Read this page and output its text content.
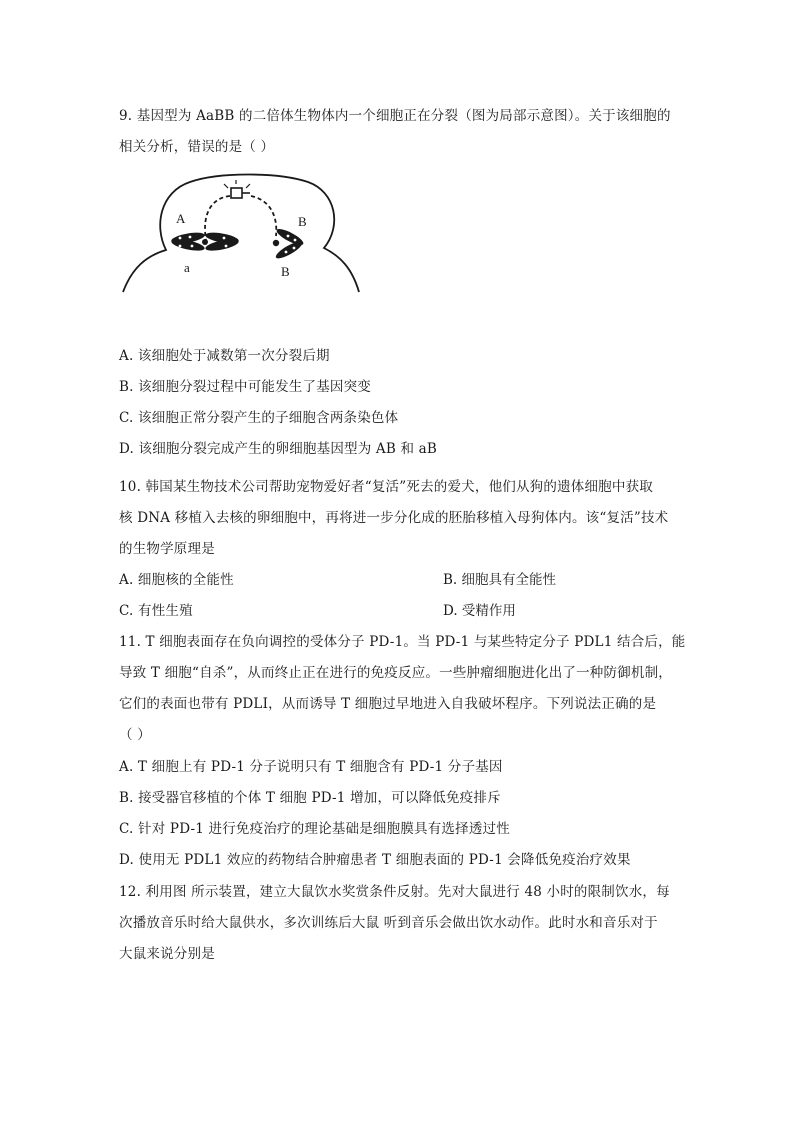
9. 基因型为 AaBB 的二倍体生物体内一个细胞正在分裂（图为局部示意图）。关于该细胞的
相关分析，错误的是（ ）
A
a
B
B
A. 该细胞处于减数第一次分裂后期
B. 该细胞分裂过程中可能发生了基因突变
C. 该细胞正常分裂产生的子细胞含两条染色体
D. 该细胞分裂完成产生的卵细胞基因型为 AB 和 aB
10. 韩国某生物技术公司帮助宠物爱好者“复活”死去的爱犬，他们从狗的遗体细胞中获取
核 DNA 移植入去核的卵细胞中，再将进一步分化成的胚胎移植入母狗体内。该“复活”技术
的生物学原理是
A. 细胞核的全能性	B. 细胞具有全能性
C. 有性生殖	D. 受精作用
11. T 细胞表面存在负向调控的受体分子 PD-1。当 PD-1 与某些特定分子 PDL1 结合后，能
导致 T 细胞“自杀”，从而终止正在进行的免疫反应。一些肿瘤细胞进化出了一种防御机制，
它们的表面也带有 PDLI，从而诱导 T 细胞过早地进入自我破坏程序。下列说法正确的是
（ ）
A. T 细胞上有 PD-1 分子说明只有 T 细胞含有 PD-1 分子基因
B. 接受器官移植的个体 T 细胞 PD-1 增加，可以降低免疫排斥
C. 针对 PD-1 进行免疫治疗的理论基础是细胞膜具有选择透过性
D. 使用无 PDL1 效应的药物结合肿瘤患者 T 细胞表面的 PD-1 会降低免疫治疗效果
12. 利用图 所示装置，建立大鼠饮水奖赏条件反射。先对大鼠进行 48 小时的限制饮水，每
次播放音乐时给大鼠供水，多次训练后大鼠 听到音乐会做出饮水动作。此时水和音乐对于
大鼠来说分别是
